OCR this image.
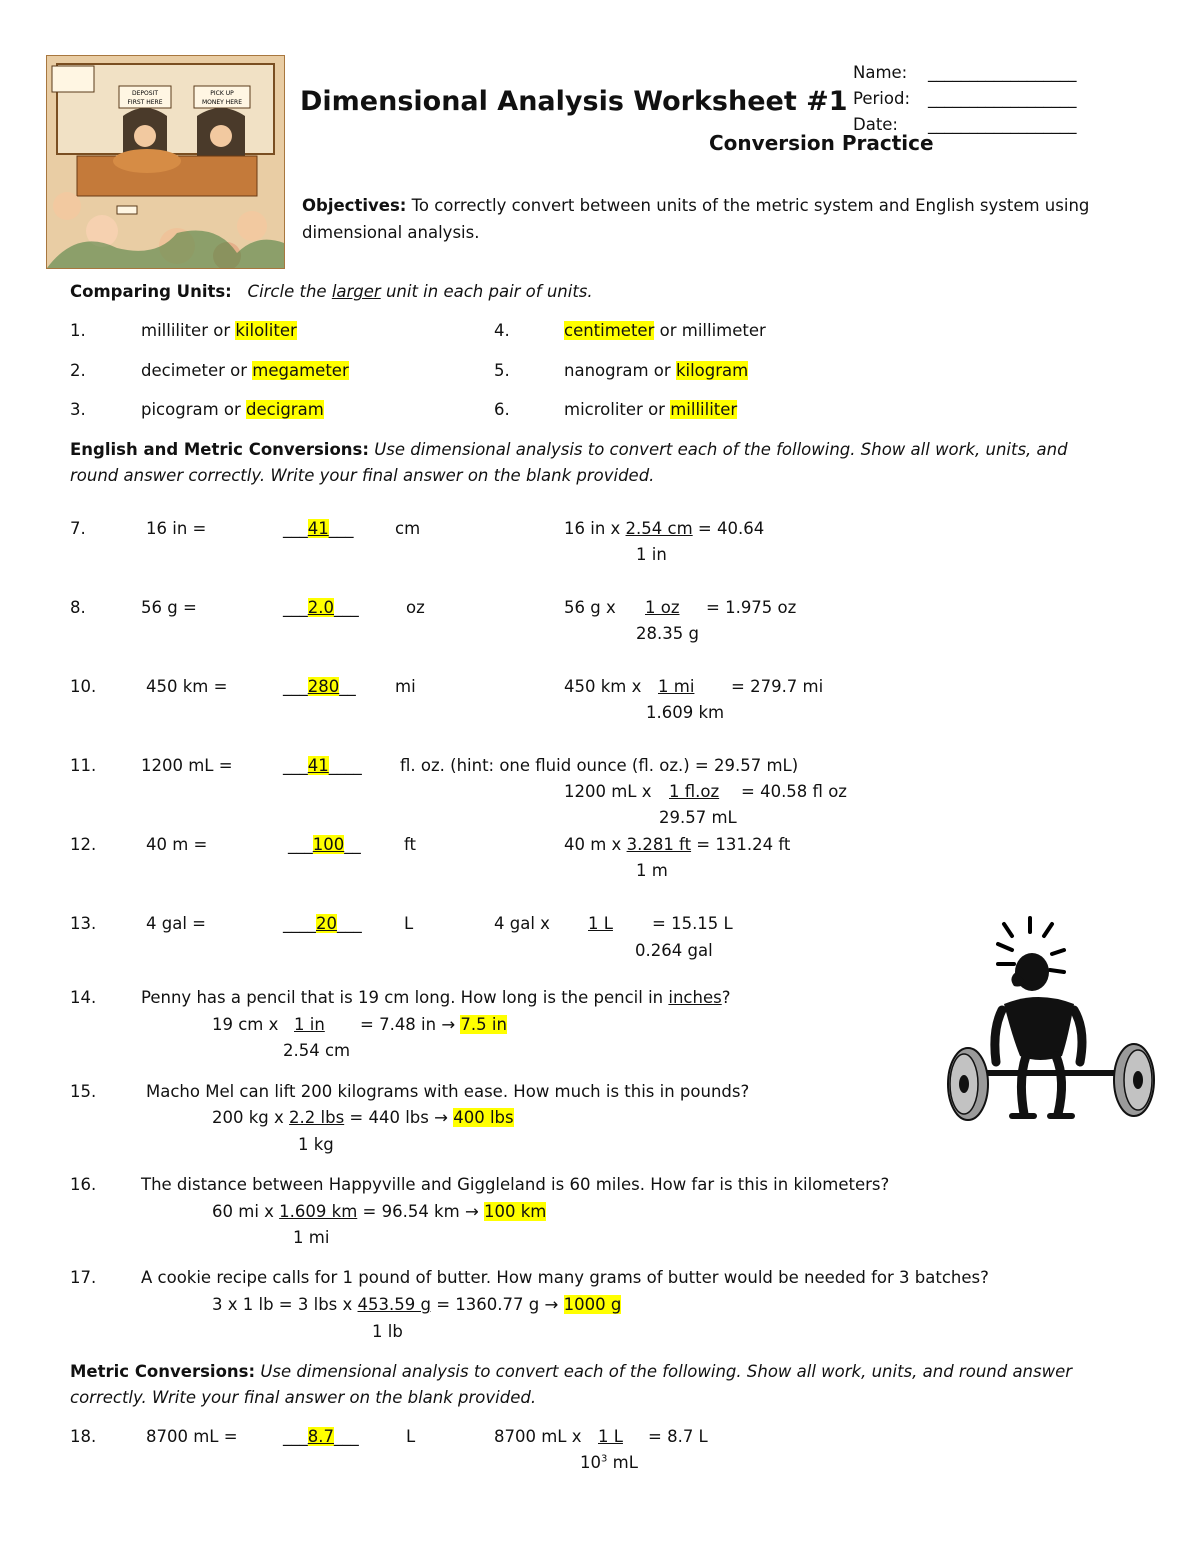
DEPOSIT
FIRST HERE
PICK UP
MONEY HERE Dimensional Analysis Worksheet #1
Conversion Practice
Name: __________________
Period: __________________
Date: __________________
Objectives: To correctly convert between units of the metric system and English system using
dimensional analysis.
Comparing Units: Circle the larger unit in each pair of units.
1.	milliliter or kiloliter
2.	decimeter or megameter
3.	picogram or decigram
4.	centimeter or millimeter
5.	nanogram or kilogram
6.	microliter or milliliter
English and Metric Conversions: Use dimensional analysis to convert each of the following. Show all work, units, and
round answer correctly. Write your final answer on the blank provided.
7.	16 in =	___41___	cm	16 in x 2.54 cm = 40.64
1 in
8.	56 g =	___2.0___	oz	56 g x 1 oz = 1.975 oz
28.35 g
10.	450 km =	___280__ mi	450 km x 1 mi = 279.7 mi
1.609 km
11.	1200 mL =	___41____ fl. oz. (hint: one fluid ounce (fl. oz.) = 29.57 mL)
1200 mL x 1 fl.oz = 40.58 fl oz
29.57 mL
12.	40 m =	___100__	ft	40 m x 3.281 ft = 131.24 ft
1 m
13.	4 gal =	____20___	L	4 gal x 1 L = 15.15 L
0.264 gal
14.	Penny has a pencil that is 19 cm long. How long is the pencil in inches?
19 cm x 1 in = 7.48 in → 7.5 in
2.54 cm
15.	Macho Mel can lift 200 kilograms with ease. How much is this in pounds?
200 kg x 2.2 lbs = 440 lbs → 400 lbs
1 kg
16.	The distance between Happyville and Giggleland is 60 miles. How far is this in kilometers?
60 mi x 1.609 km = 96.54 km → 100 km
1 mi
17.	A cookie recipe calls for 1 pound of butter. How many grams of butter would be needed for 3 batches?
3 x 1 lb = 3 lbs x 453.59 g = 1360.77 g → 1000 g
1 lb
Metric Conversions: Use dimensional analysis to convert each of the following. Show all work, units, and round answer
correctly. Write your final answer on the blank provided.
18.	8700 mL =	___8.7___	L	8700 mL x 1 L = 8.7 L
$10^3$ mL
